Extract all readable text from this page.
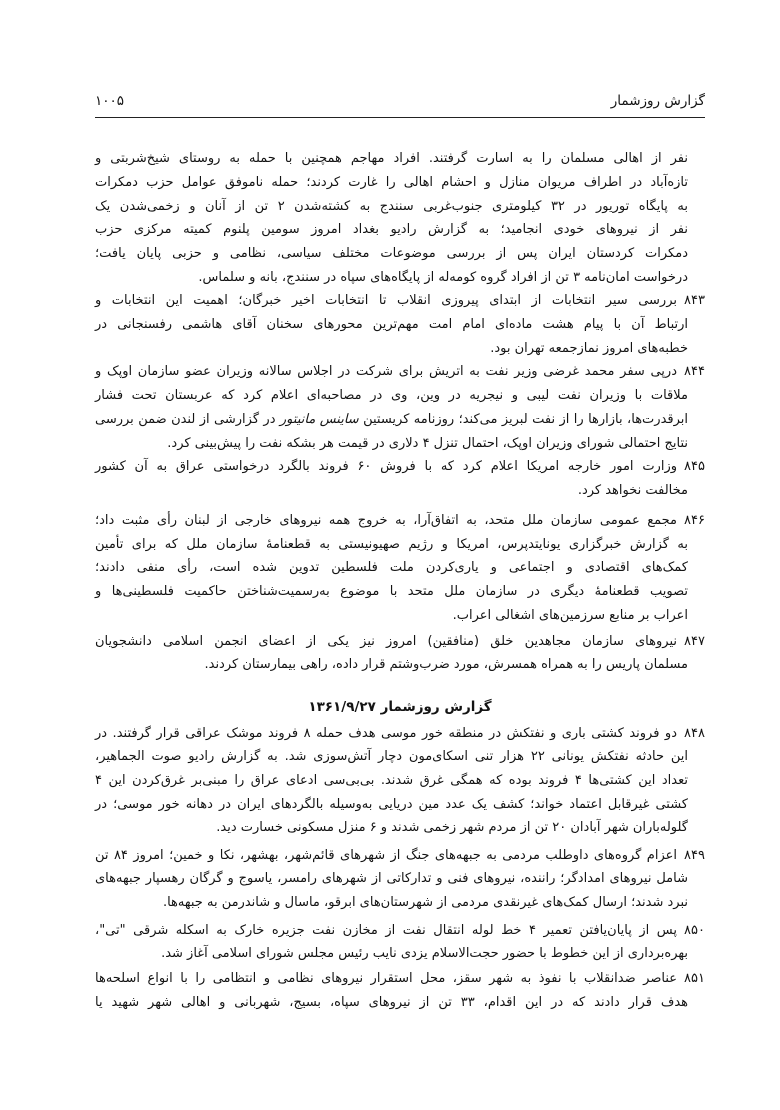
گزارش روزشمار
۱۰۰۵
نفر از اهالی مسلمان را به اسارت گرفتند. افراد مهاجم همچنین با حمله به روستای شیخ‌شربتی و
تازه‌آباد در اطراف مریوان منازل و احشام اهالی را غارت کردند؛ حمله ناموفق عوامل حزب دمکرات
به پایگاه توریور در ۳۲ کیلومتری جنوب‌غربی سنندج به کشته‌شدن ۲ تن از آنان و زخمی‌شدن یک
نفر از نیروهای خودی انجامید؛ به گزارش رادیو بغداد امروز سومین پلنوم کمیته مرکزی حزب
دمکرات کردستان ایران پس از بررسی موضوعات مختلف سیاسی، نظامی و حزبی پایان یافت؛
درخواست امان‌نامه ۳ تن از افراد گروه کومه‌له از پایگاه‌های سپاه در سنندج، بانه و سلماس.
۸۴۳
بررسی سیر انتخابات از ابتدای پیروزی انقلاب تا انتخابات اخیر خبرگان؛ اهمیت این انتخابات و
ارتباط آن با پیام هشت ماده‌ای امام امت مهم‌ترین محورهای سخنان آقای هاشمی رفسنجانی در
خطبه‌های امروز نمازجمعه تهران بود.
۸۴۴
درپی سفر محمد غرضی وزیر نفت به اتریش برای شرکت در اجلاس سالانه وزیران عضو سازمان اوپک و
ملاقات با وزیران نفت لیبی و نیجریه در وین، وی در مصاحبه‌ای اعلام کرد که عربستان تحت فشار
ابرقدرت‌ها، بازارها را از نفت لبریز می‌کند؛ روزنامه کریستین ساینس مانیتور در گزارشی از لندن ضمن بررسی
نتایج احتمالی شورای وزیران اوپک، احتمال تنزل ۴ دلاری در قیمت هر بشکه نفت را پیش‌بینی کرد.
۸۴۵
وزارت امور خارجه امریکا اعلام کرد که با فروش ۶۰ فروند بالگرد درخواستی عراق به آن کشور
مخالفت نخواهد کرد.
۸۴۶
مجمع عمومی سازمان ملل متحد، به اتفاق‌آرا، به خروج همه نیروهای خارجی از لبنان رأی مثبت داد؛
به گزارش خبرگزاری یونایتدپرس، امریکا و رژیم صهیونیستی به قطعنامهٔ سازمان ملل که برای تأمین
کمک‌های اقتصادی و اجتماعی و یاری‌کردن ملت فلسطین تدوین شده است، رأی منفی دادند؛
تصویب قطعنامهٔ دیگری در سازمان ملل متحد با موضوع به‌رسمیت‌شناختن حاکمیت فلسطینی‌ها و
اعراب بر منابع سرزمین‌های اشغالی اعراب.
۸۴۷
نیروهای سازمان مجاهدین خلق (منافقین) امروز نیز یکی از اعضای انجمن اسلامی دانشجویان
مسلمان پاریس را به همراه همسرش، مورد ضرب‌وشتم قرار داده، راهی بیمارستان کردند.
گزارش روزشمار ۱۳۶۱/۹/۲۷
۸۴۸
دو فروند کشتی باری و نفتکش در منطقه خور موسی هدف حمله ۸ فروند موشک عراقی قرار گرفتند. در
این حادثه نفتکش یونانی ۲۲ هزار تنی اسکای‌مون دچار آتش‌سوزی شد. به گزارش رادیو صوت الجماهیر،
تعداد این کشتی‌ها ۴ فروند بوده که همگی غرق شدند. بی‌بی‌سی ادعای عراق را مبنی‌بر غرق‌کردن این ۴
کشتی غیرقابل اعتماد خواند؛ کشف یک عدد مین دریایی به‌وسیله بالگردهای ایران در دهانه خور موسی؛ در
گلوله‌باران شهر آبادان ۲۰ تن از مردم شهر زخمی شدند و ۶ منزل مسکونی خسارت دید.
۸۴۹
اعزام گروه‌های داوطلب مردمی به جبهه‌های جنگ از شهرهای قائم‌شهر، بهشهر، نکا و خمین؛ امروز ۸۴ تن
شامل نیروهای امدادگر؛ راننده، نیروهای فنی و تدارکاتی از شهرهای رامسر، یاسوج و گرگان رهسپار جبهه‌های
نبرد شدند؛ ارسال کمک‌های غیرنقدی مردمی از شهرستان‌های ابرقو، ماسال و شاندرمن به جبهه‌ها.
۸۵۰
پس از پایان‌یافتن تعمیر ۴ خط لوله انتقال نفت از مخازن نفت جزیره خارک به اسکله شرقی "تی"،
بهره‌برداری از این خطوط با حضور حجت‌الاسلام یزدی نایب رئیس مجلس شورای اسلامی آغاز شد.
۸۵۱
عناصر ضدانقلاب با نفوذ به شهر سقز، محل استقرار نیروهای نظامی و انتظامی را با انواع اسلحه‌ها
هدف قرار دادند که در این اقدام، ۳۳ تن از نیروهای سپاه، بسیج، شهربانی و اهالی شهر شهید یا
